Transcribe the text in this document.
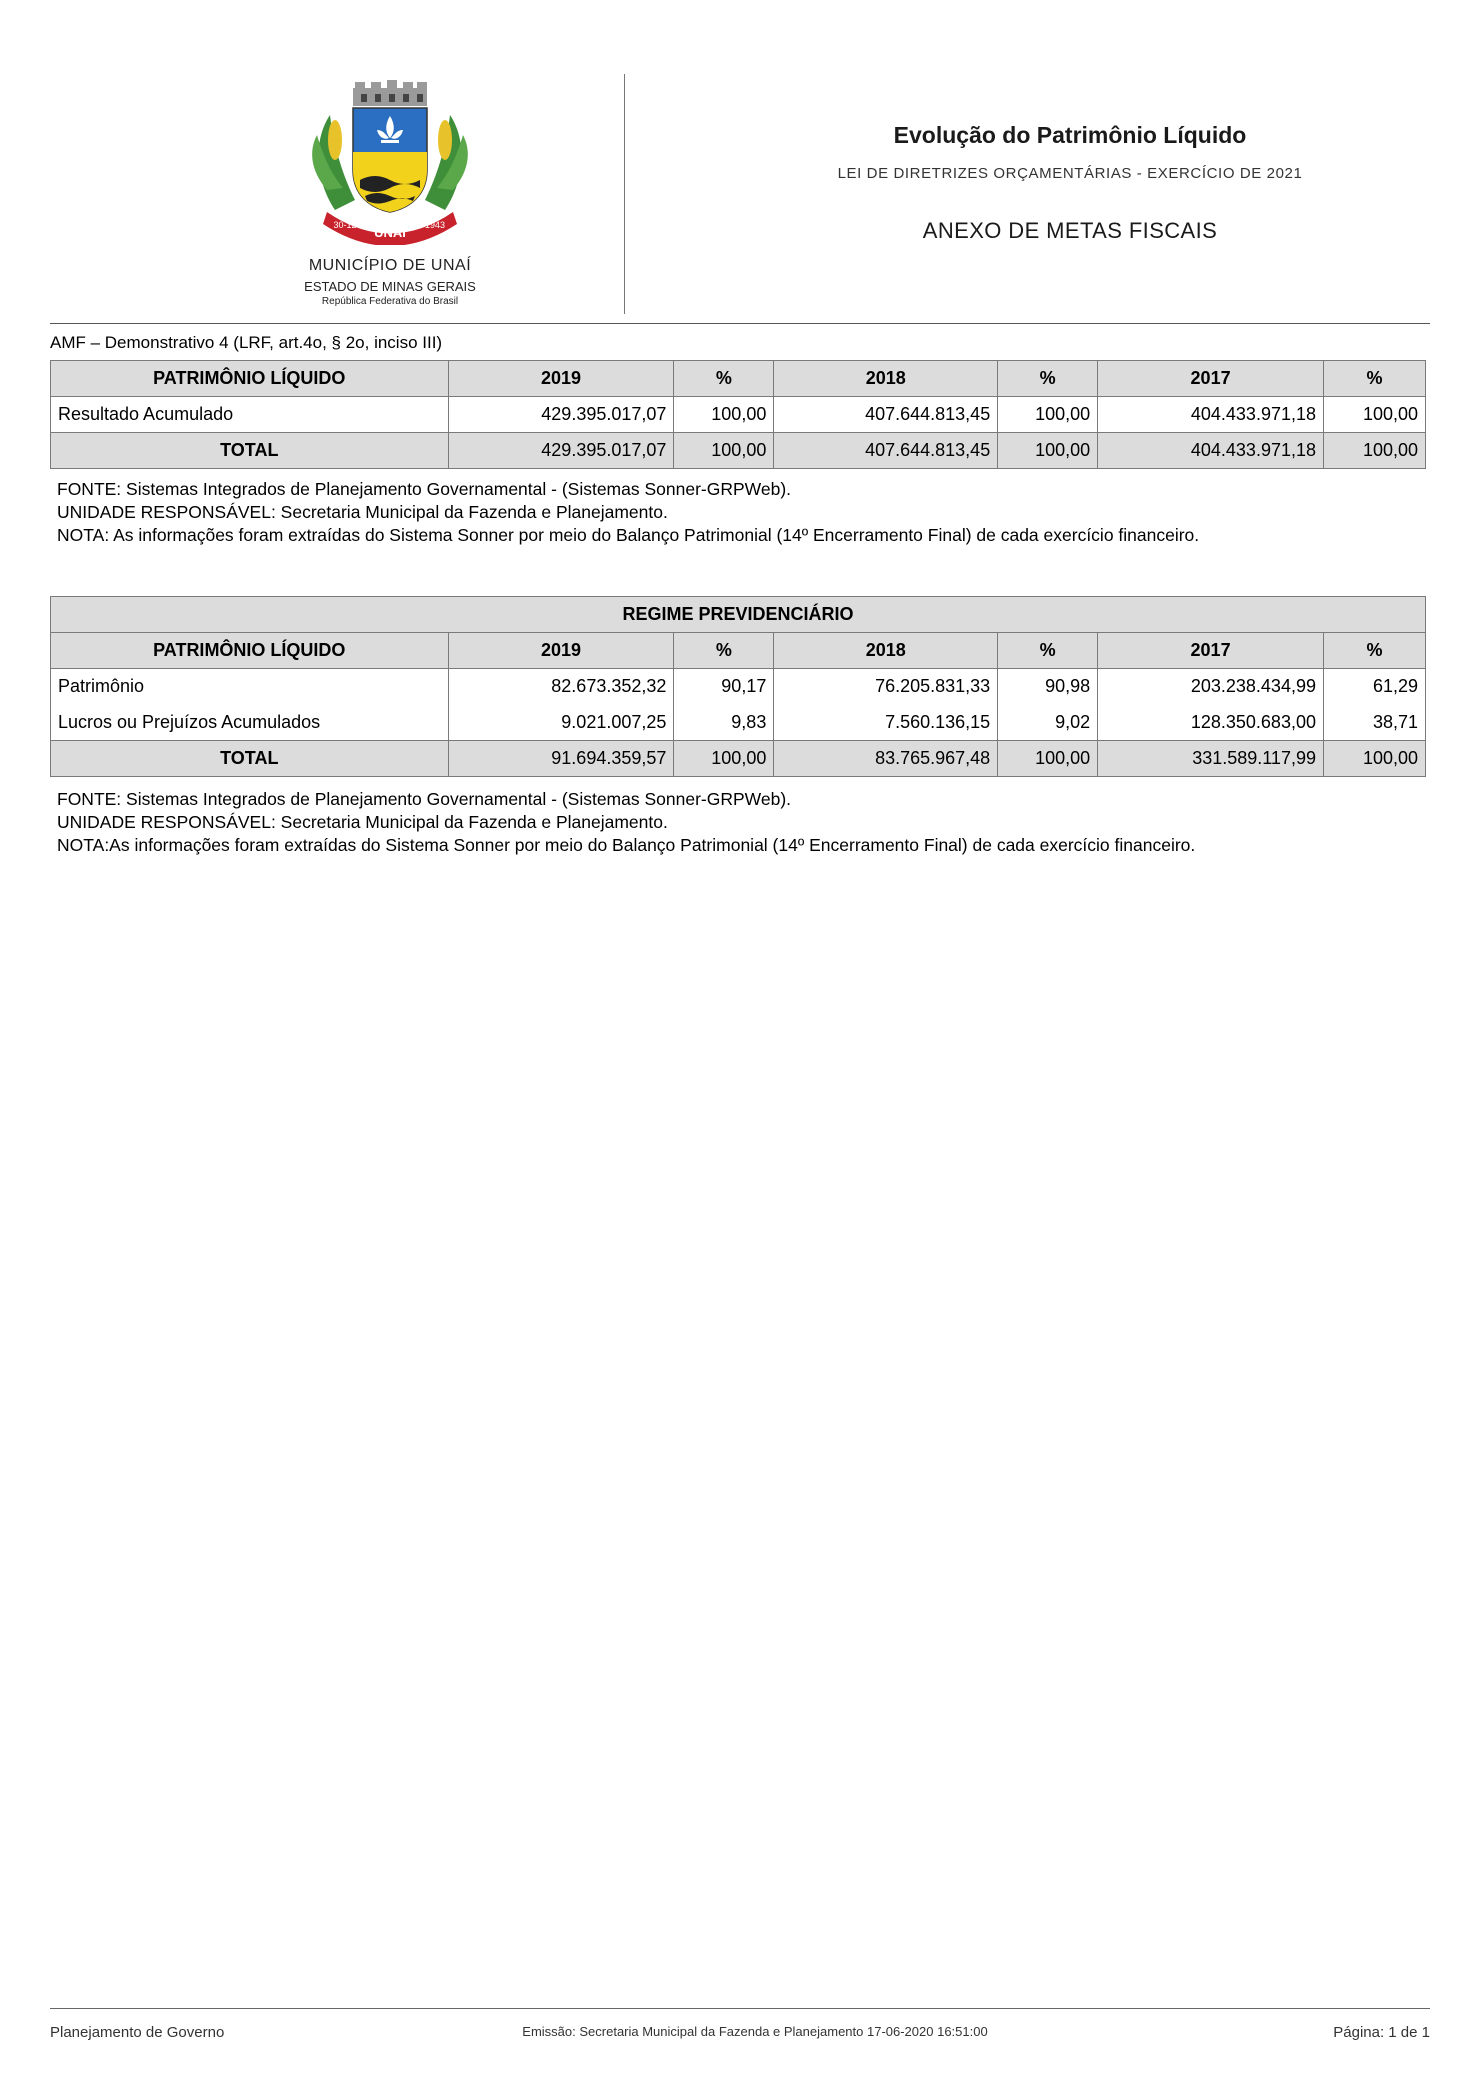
UNAÍ
30-12	1943
MUNICÍPIO DE UNAÍ
ESTADO DE MINAS GERAIS
República Federativa do Brasil
Evolução do Patrimônio Líquido
LEI DE DIRETRIZES ORÇAMENTÁRIAS - EXERCÍCIO DE 2021
ANEXO DE METAS FISCAIS
AMF – Demonstrativo 4 (LRF, art.4o, § 2o, inciso III)
PATRIMÔNIO LÍQUIDO	2019	%	2018	%	2017	%
Resultado Acumulado	429.395.017,07	100,00	407.644.813,45	100,00	404.433.971,18	100,00
TOTAL	429.395.017,07	100,00	407.644.813,45	100,00	404.433.971,18	100,00
FONTE: Sistemas Integrados de Planejamento Governamental - (Sistemas Sonner-GRPWeb).
UNIDADE RESPONSÁVEL: Secretaria Municipal da Fazenda e Planejamento.
NOTA: As informações foram extraídas do Sistema Sonner por meio do Balanço Patrimonial (14º Encerramento Final) de cada exercício financeiro.
REGIME PREVIDENCIÁRIO						
PATRIMÔNIO LÍQUIDO	2019	%	2018	%	2017	%
Patrimônio	82.673.352,32	90,17	76.205.831,33	90,98	203.238.434,99	61,29
Lucros ou Prejuízos Acumulados	9.021.007,25	9,83	7.560.136,15	9,02	128.350.683,00	38,71
TOTAL	91.694.359,57	100,00	83.765.967,48	100,00	331.589.117,99	100,00
FONTE: Sistemas Integrados de Planejamento Governamental - (Sistemas Sonner-GRPWeb).
UNIDADE RESPONSÁVEL: Secretaria Municipal da Fazenda e Planejamento.
NOTA:As informações foram extraídas do Sistema Sonner por meio do Balanço Patrimonial (14º Encerramento Final) de cada exercício financeiro.
Planejamento de Governo	Emissão: Secretaria Municipal da Fazenda e Planejamento 17-06-2020 16:51:00	Página: 1 de 1
